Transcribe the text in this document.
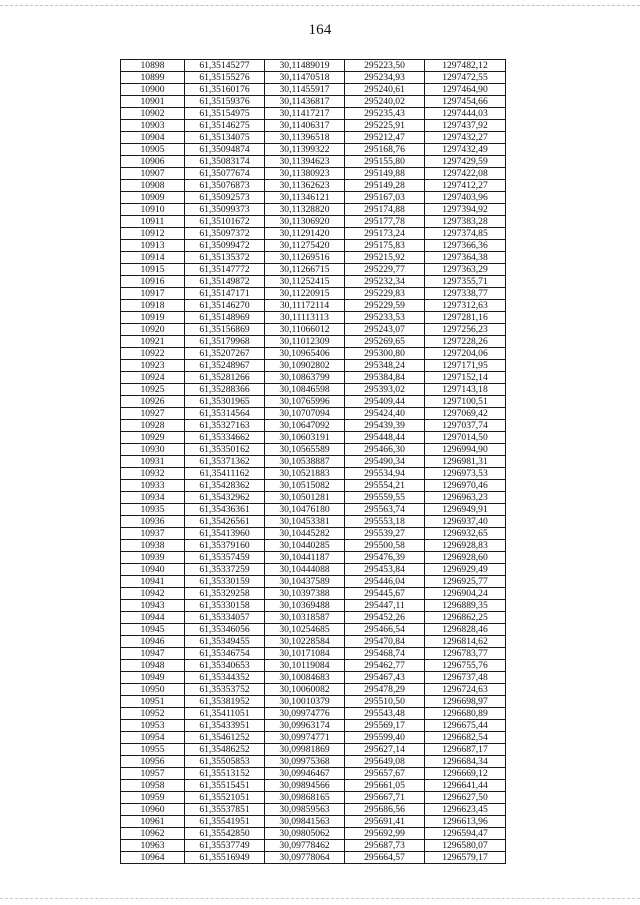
164
10898	61,35145277	30,11489019	295223,50	1297482,12
10899	61,35155276	30,11470518	295234,93	1297472,55
10900	61,35160176	30,11455917	295240,61	1297464,90
10901	61,35159376	30,11436817	295240,02	1297454,66
10902	61,35154975	30,11417217	295235,43	1297444,03
10903	61,35146275	30,11406317	295225,91	1297437,92
10904	61,35134075	30,11396518	295212,47	1297432,27
10905	61,35094874	30,11399322	295168,76	1297432,49
10906	61,35083174	30,11394623	295155,80	1297429,59
10907	61,35077674	30,11380923	295149,88	1297422,08
10908	61,35076873	30,11362623	295149,28	1297412,27
10909	61,35092573	30,11346121	295167,03	1297403,96
10910	61,35099373	30,11328820	295174,88	1297394,92
10911	61,35101672	30,11306920	295177,78	1297383,28
10912	61,35097372	30,11291420	295173,24	1297374,85
10913	61,35099472	30,11275420	295175,83	1297366,36
10914	61,35135372	30,11269516	295215,92	1297364,38
10915	61,35147772	30,11266715	295229,77	1297363,29
10916	61,35149872	30,11252415	295232,34	1297355,71
10917	61,35147171	30,11220915	295229,83	1297338,77
10918	61,35146270	30,11172114	295229,59	1297312,63
10919	61,35148969	30,11113113	295233,53	1297281,16
10920	61,35156869	30,11066012	295243,07	1297256,23
10921	61,35179968	30,11012309	295269,65	1297228,26
10922	61,35207267	30,10965406	295300,80	1297204,06
10923	61,35248967	30,10902802	295348,24	1297171,95
10924	61,35281266	30,10863799	295384,84	1297152,14
10925	61,35288366	30,10846598	295393,02	1297143,18
10926	61,35301965	30,10765996	295409,44	1297100,51
10927	61,35314564	30,10707094	295424,40	1297069,42
10928	61,35327163	30,10647092	295439,39	1297037,74
10929	61,35334662	30,10603191	295448,44	1297014,50
10930	61,35350162	30,10565589	295466,30	1296994,90
10931	61,35371362	30,10538887	295490,34	1296981,31
10932	61,35411162	30,10521883	295534,94	1296973,53
10933	61,35428362	30,10515082	295554,21	1296970,46
10934	61,35432962	30,10501281	295559,55	1296963,23
10935	61,35436361	30,10476180	295563,74	1296949,91
10936	61,35426561	30,10453381	295553,18	1296937,40
10937	61,35413960	30,10445282	295539,27	1296932,65
10938	61,35379160	30,10440285	295500,58	1296928,83
10939	61,35357459	30,10441187	295476,39	1296928,60
10940	61,35337259	30,10444088	295453,84	1296929,49
10941	61,35330159	30,10437589	295446,04	1296925,77
10942	61,35329258	30,10397388	295445,67	1296904,24
10943	61,35330158	30,10369488	295447,11	1296889,35
10944	61,35334057	30,10318587	295452,26	1296862,25
10945	61,35346056	30,10254685	295466,54	1296828,46
10946	61,35349455	30,10228584	295470,84	1296814,62
10947	61,35346754	30,10171084	295468,74	1296783,77
10948	61,35340653	30,10119084	295462,77	1296755,76
10949	61,35344352	30,10084683	295467,43	1296737,48
10950	61,35353752	30,10060082	295478,29	1296724,63
10951	61,35381952	30,10010379	295510,50	1296698,97
10952	61,35411051	30,09974776	295543,48	1296680,89
10953	61,35433951	30,09963174	295569,17	1296675,44
10954	61,35461252	30,09974771	295599,40	1296682,54
10955	61,35486252	30,09981869	295627,14	1296687,17
10956	61,35505853	30,09975368	295649,08	1296684,34
10957	61,35513152	30,09946467	295657,67	1296669,12
10958	61,35515451	30,09894566	295661,05	1296641,44
10959	61,35521051	30,09868165	295667,71	1296627,50
10960	61,35537851	30,09859563	295686,56	1296623,45
10961	61,35541951	30,09841563	295691,41	1296613,96
10962	61,35542850	30,09805062	295692,99	1296594,47
10963	61,35537749	30,09778462	295687,73	1296580,07
10964	61,35516949	30,09778064	295664,57	1296579,17
